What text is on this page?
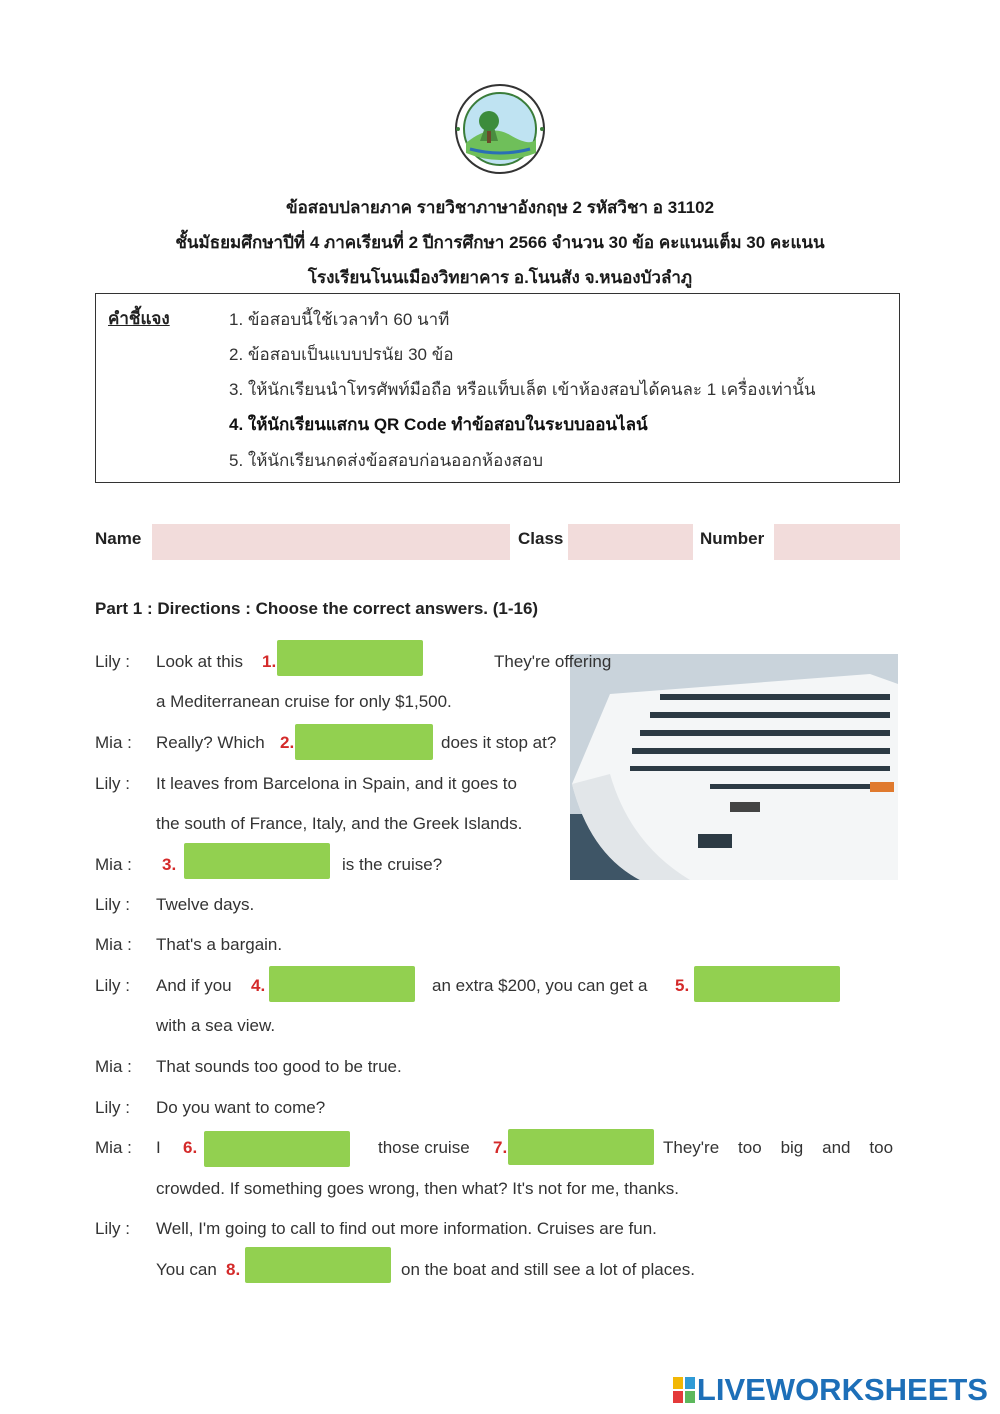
ข้อสอบปลายภาค รายวิชาภาษาอังกฤษ 2 รหัสวิชา อ 31102
ชั้นมัธยมศึกษาปีที่ 4 ภาคเรียนที่ 2 ปีการศึกษา 2566 จำนวน 30 ข้อ คะแนนเต็ม 30 คะแนน
โรงเรียนโนนเมืองวิทยาคาร อ.โนนสัง จ.หนองบัวลำภู
คำชี้แจง	1. ข้อสอบนี้ใช้เวลาทำ 60 นาที
2. ข้อสอบเป็นแบบปรนัย 30 ข้อ
3. ให้นักเรียนนำโทรศัพท์มือถือ หรือแท็บเล็ต เข้าห้องสอบได้คนละ 1 เครื่องเท่านั้น
4. ให้นักเรียนแสกน QR Code ทำข้อสอบในระบบออนไลน์
5. ให้นักเรียนกดส่งข้อสอบก่อนออกห้องสอบ
Name	Class	Number
Part 1 : Directions : Choose the correct answers. (1-16)
Lily : Look at this 1.	They're offering
a Mediterranean cruise for only $1,500.
Mia : Really? Which 2.	does it stop at?
Lily : It leaves from Barcelona in Spain, and it goes to
the south of France, Italy, and the Greek Islands.
Mia : 3.	is the cruise?
Lily : Twelve days.
Mia : That's a bargain.
Lily : And if you 4.	an extra $200, you can get a 5.
with a sea view.
Mia : That sounds too good to be true.
Lily : Do you want to come?
Mia : I 6.	those cruise 7.	They're    too    big    and    too
crowded. If something goes wrong, then what? It's not for me, thanks.
Lily : Well, I'm going to call to find out more information. Cruises are fun.
You can 8.	on the boat and still see a lot of places.
LIVEWORKSHEETS
